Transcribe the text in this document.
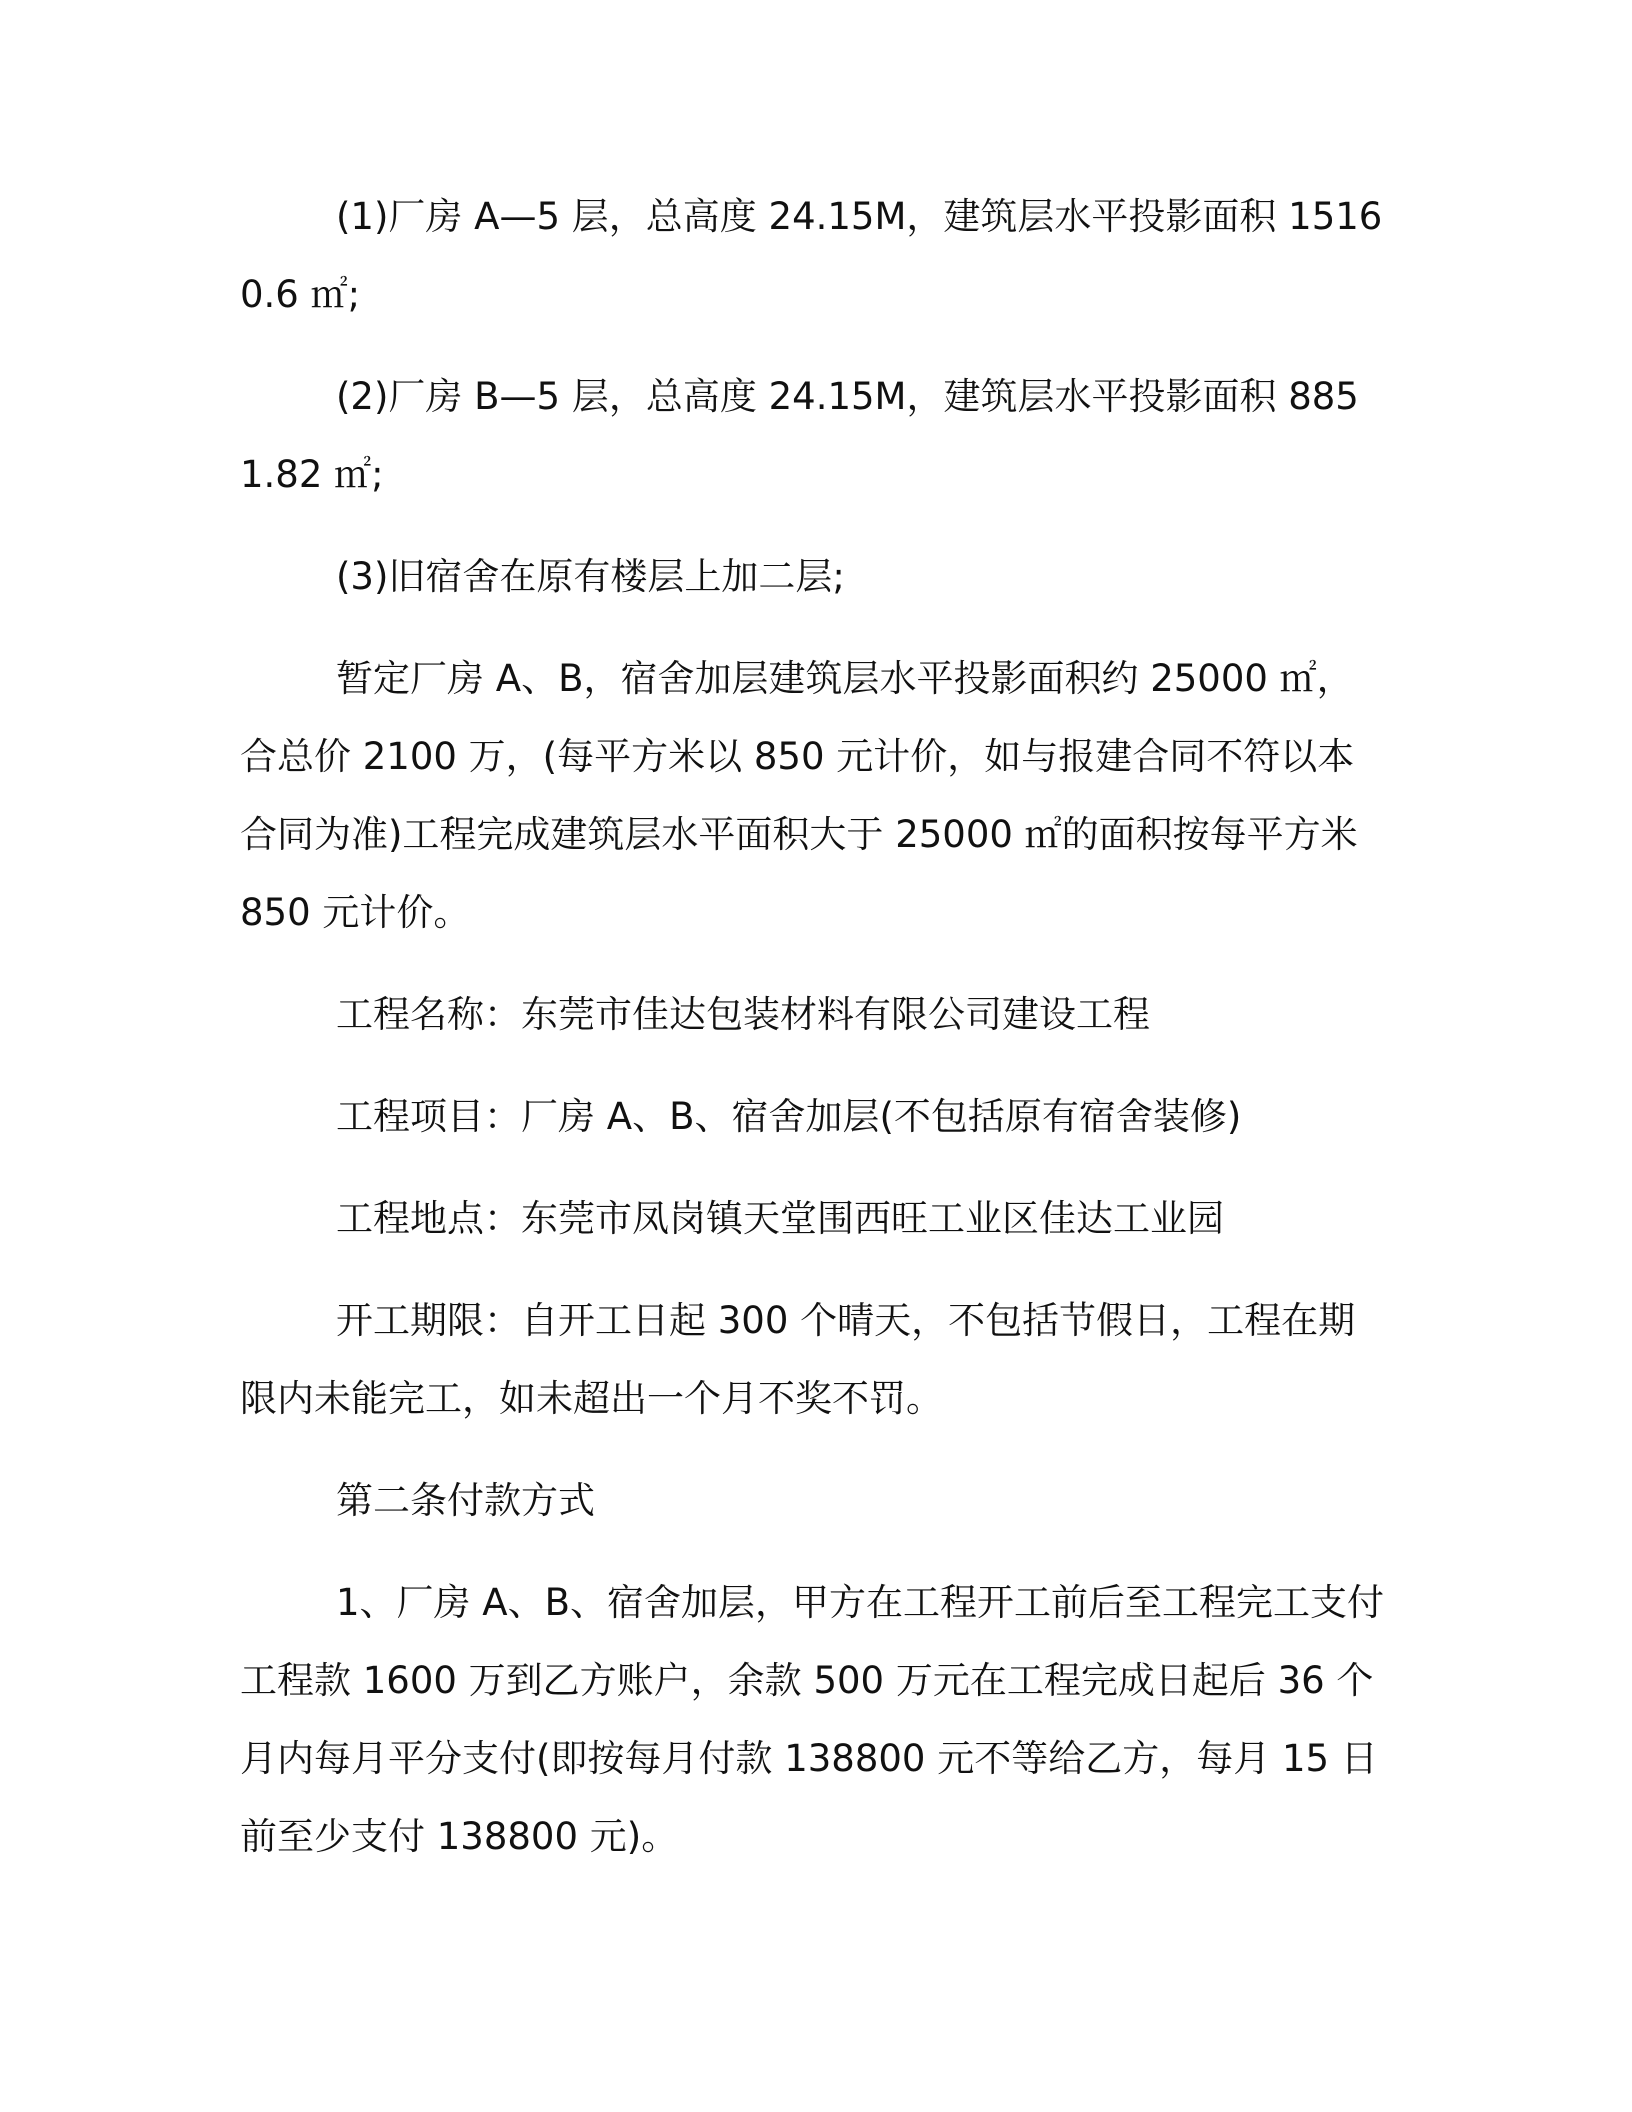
(1)厂房 A—5 层，总高度 24.15M，建筑层水平投影面积 15160.6 ㎡;

(2)厂房 B—5 层，总高度 24.15M，建筑层水平投影面积 8851.82 ㎡;

(3)旧宿舍在原有楼层上加二层;

暂定厂房 A、B，宿舍加层建筑层水平投影面积约 25000 ㎡，合总价 2100 万，(每平方米以 850 元计价，如与报建合同不符以本合同为准)工程完成建筑层水平面积大于 25000 ㎡的面积按每平方米 850 元计价。

工程名称：东莞市佳达包装材料有限公司建设工程

工程项目：厂房 A、B、宿舍加层(不包括原有宿舍装修)

工程地点：东莞市凤岗镇天堂围西旺工业区佳达工业园

开工期限：自开工日起 300 个晴天，不包括节假日，工程在期限内未能完工，如未超出一个月不奖不罚。

第二条付款方式

1、厂房 A、B、宿舍加层，甲方在工程开工前后至工程完工支付工程款 1600 万到乙方账户，余款 500 万元在工程完成日起后 36 个月内每月平分支付(即按每月付款 138800 元不等给乙方，每月 15 日前至少支付 138800 元)。
